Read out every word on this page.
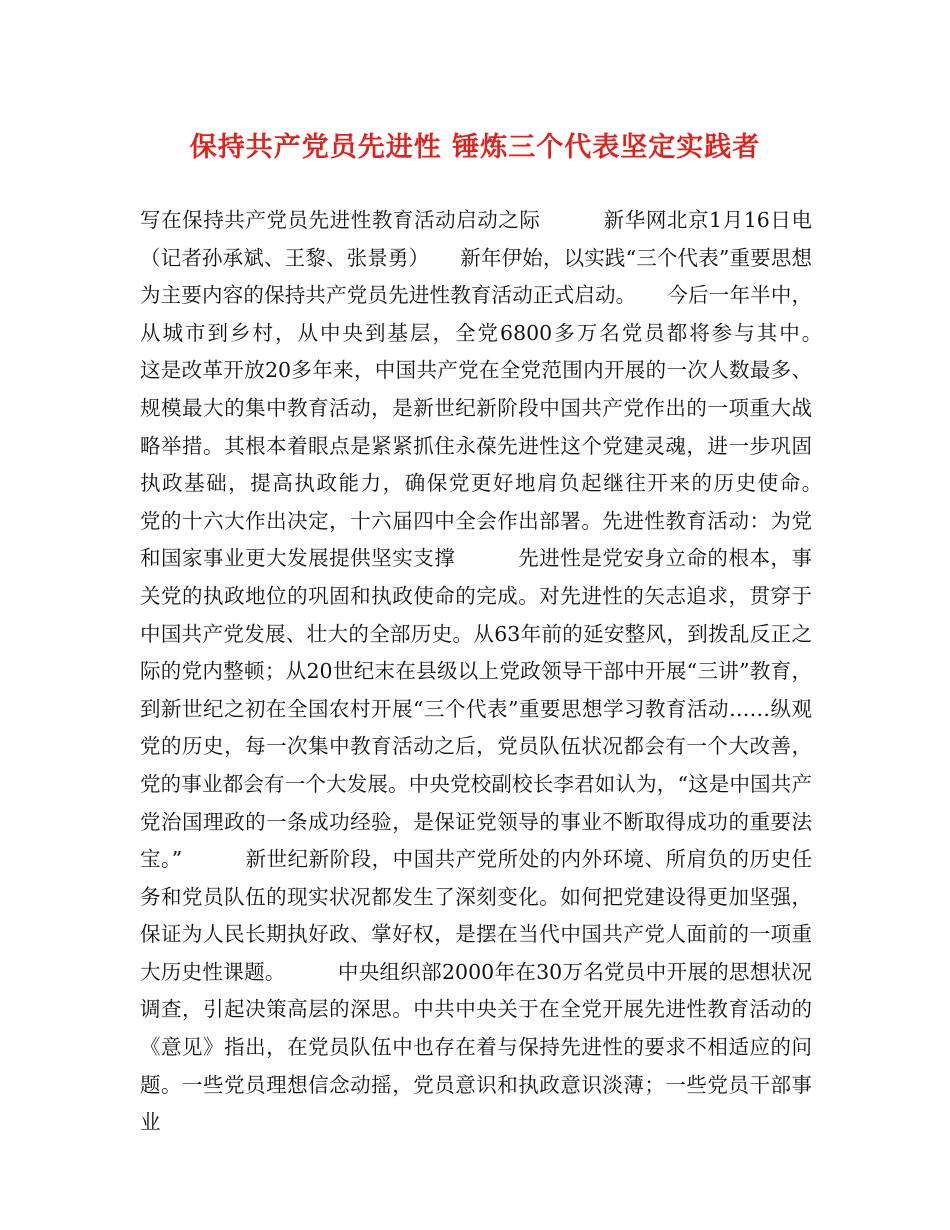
保持共产党员先进性 锤炼三个代表坚定实践者

写在保持共产党员先进性教育活动启动之际　　　新华网北京1月16日电（记者孙承斌、王黎、张景勇）　　新年伊始，以实践“三个代表”重要思想为主要内容的保持共产党员先进性教育活动正式启动。　　今后一年半中，从城市到乡村，从中央到基层，全党6800多万名党员都将参与其中。　　　这是改革开放20多年来，中国共产党在全党范围内开展的一次人数最多、规模最大的集中教育活动，是新世纪新阶段中国共产党作出的一项重大战略举措。其根本着眼点是紧紧抓住永葆先进性这个党建灵魂，进一步巩固执政基础，提高执政能力，确保党更好地肩负起继往开来的历史使命。　　　党的十六大作出决定，十六届四中全会作出部署。先进性教育活动：为党和国家事业更大发展提供坚实支撑　　　先进性是党安身立命的根本，事关党的执政地位的巩固和执政使命的完成。对先进性的矢志追求，贯穿于中国共产党发展、壮大的全部历史。从63年前的延安整风，到拨乱反正之际的党内整顿；从20世纪末在县级以上党政领导干部中开展“三讲”教育，到新世纪之初在全国农村开展“三个代表”重要思想学习教育活动……纵观党的历史，每一次集中教育活动之后，党员队伍状况都会有一个大改善，党的事业都会有一个大发展。中央党校副校长李君如认为，“这是中国共产党治国理政的一条成功经验，是保证党领导的事业不断取得成功的重要法宝。”　　　新世纪新阶段，中国共产党所处的内外环境、所肩负的历史任务和党员队伍的现实状况都发生了深刻变化。如何把党建设得更加坚强，保证为人民长期执好政、掌好权，是摆在当代中国共产党人面前的一项重大历史性课题。　　　中央组织部2000年在30万名党员中开展的思想状况调查，引起决策高层的深思。中共中央关于在全党开展先进性教育活动的《意见》指出，在党员队伍中也存在着与保持先进性的要求不相适应的问题。一些党员理想信念动摇，党员意识和执政意识淡薄；一些党员干部事业
